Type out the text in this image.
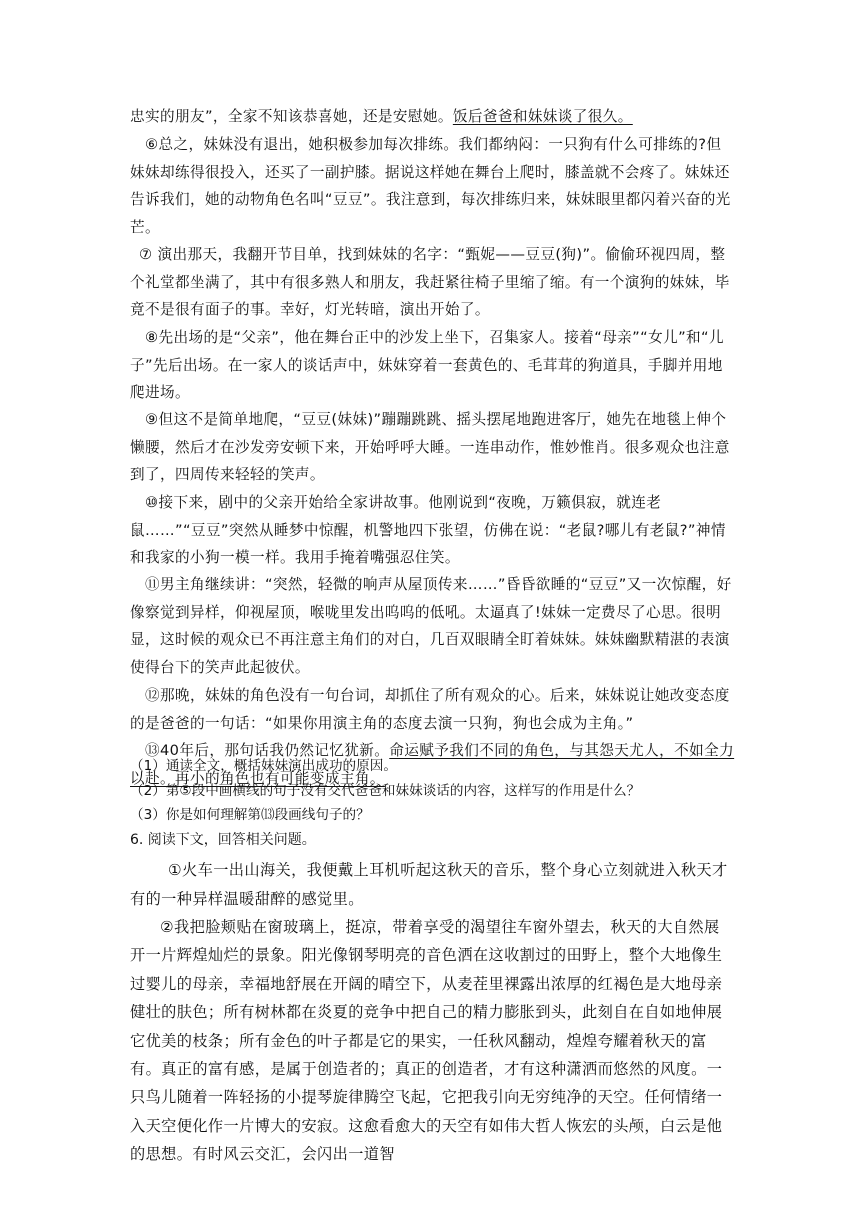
忠实的朋友”，全家不知该恭喜她，还是安慰她。饭后爸爸和妹妹谈了很久。

⑥总之，妹妹没有退出，她积极参加每次排练。我们都纳闷：一只狗有什么可排练的?但妹妹却练得很投入，还买了一副护膝。据说这样她在舞台上爬时，膝盖就不会疼了。妹妹还告诉我们，她的动物角色名叫“豆豆”。我注意到，每次排练归来，妹妹眼里都闪着兴奋的光芒。

⑦ 演出那天，我翻开节目单，找到妹妹的名字：“甄妮——豆豆(狗)”。偷偷环视四周，整个礼堂都坐满了，其中有很多熟人和朋友，我赶紧往椅子里缩了缩。有一个演狗的妹妹，毕竟不是很有面子的事。幸好，灯光转暗，演出开始了。

⑧先出场的是“父亲”，他在舞台正中的沙发上坐下，召集家人。接着“母亲”“女儿”和“儿子”先后出场。在一家人的谈话声中，妹妹穿着一套黄色的、毛茸茸的狗道具，手脚并用地爬进场。

⑨但这不是简单地爬，“豆豆(妹妹)”蹦蹦跳跳、摇头摆尾地跑进客厅，她先在地毯上伸个懒腰，然后才在沙发旁安顿下来，开始呼呼大睡。一连串动作，惟妙惟肖。很多观众也注意到了，四周传来轻轻的笑声。

⑩接下来，剧中的父亲开始给全家讲故事。他刚说到“夜晚，万籁俱寂，就连老鼠……”“豆豆”突然从睡梦中惊醒，机警地四下张望，仿佛在说：“老鼠?哪儿有老鼠?”神情和我家的小狗一模一样。我用手掩着嘴强忍住笑。

⑪男主角继续讲：“突然，轻微的响声从屋顶传来……”昏昏欲睡的“豆豆”又一次惊醒，好像察觉到异样，仰视屋顶，喉咙里发出呜呜的低吼。太逼真了!妹妹一定费尽了心思。很明显，这时候的观众已不再注意主角们的对白，几百双眼睛全盯着妹妹。妹妹幽默精湛的表演使得台下的笑声此起彼伏。

⑫那晚，妹妹的角色没有一句台词，却抓住了所有观众的心。后来，妹妹说让她改变态度的是爸爸的一句话：“如果你用演主角的态度去演一只狗，狗也会成为主角。”

⑬40年后，那句话我仍然记忆犹新。命运赋予我们不同的角色，与其怨天尤人，不如全力以赴。再小的角色也有可能变成主角。

（1）通读全文，概括妹妹演出成功的原因。

（2）第⑤段中画横线的句子没有交代爸爸和妹妹谈话的内容，这样写的作用是什么？

（3）你是如何理解第⒀段画线句子的？

6. 阅读下文，回答相关问题。

①火车一出山海关，我便戴上耳机听起这秋天的音乐，整个身心立刻就进入秋天才有的一种异样温暖甜醉的感觉里。

②我把脸颊贴在窗玻璃上，挺凉，带着享受的渴望往车窗外望去，秋天的大自然展开一片辉煌灿烂的景象。阳光像钢琴明亮的音色洒在这收割过的田野上，整个大地像生过婴儿的母亲，幸福地舒展在开阔的晴空下，从麦茬里裸露出浓厚的红褐色是大地母亲健壮的肤色；所有树林都在炎夏的竞争中把自己的精力膨胀到头，此刻自在自如地伸展它优美的枝条；所有金色的叶子都是它的果实，一任秋风翻动，煌煌夸耀着秋天的富有。真正的富有感，是属于创造者的；真正的创造者，才有这种潇洒而悠然的风度。一只鸟儿随着一阵轻扬的小提琴旋律腾空飞起，它把我引向无穷纯净的天空。任何情绪一入天空便化作一片博大的安寂。这愈看愈大的天空有如伟大哲人恢宏的头颅，白云是他的思想。有时风云交汇，会闪出一道智
